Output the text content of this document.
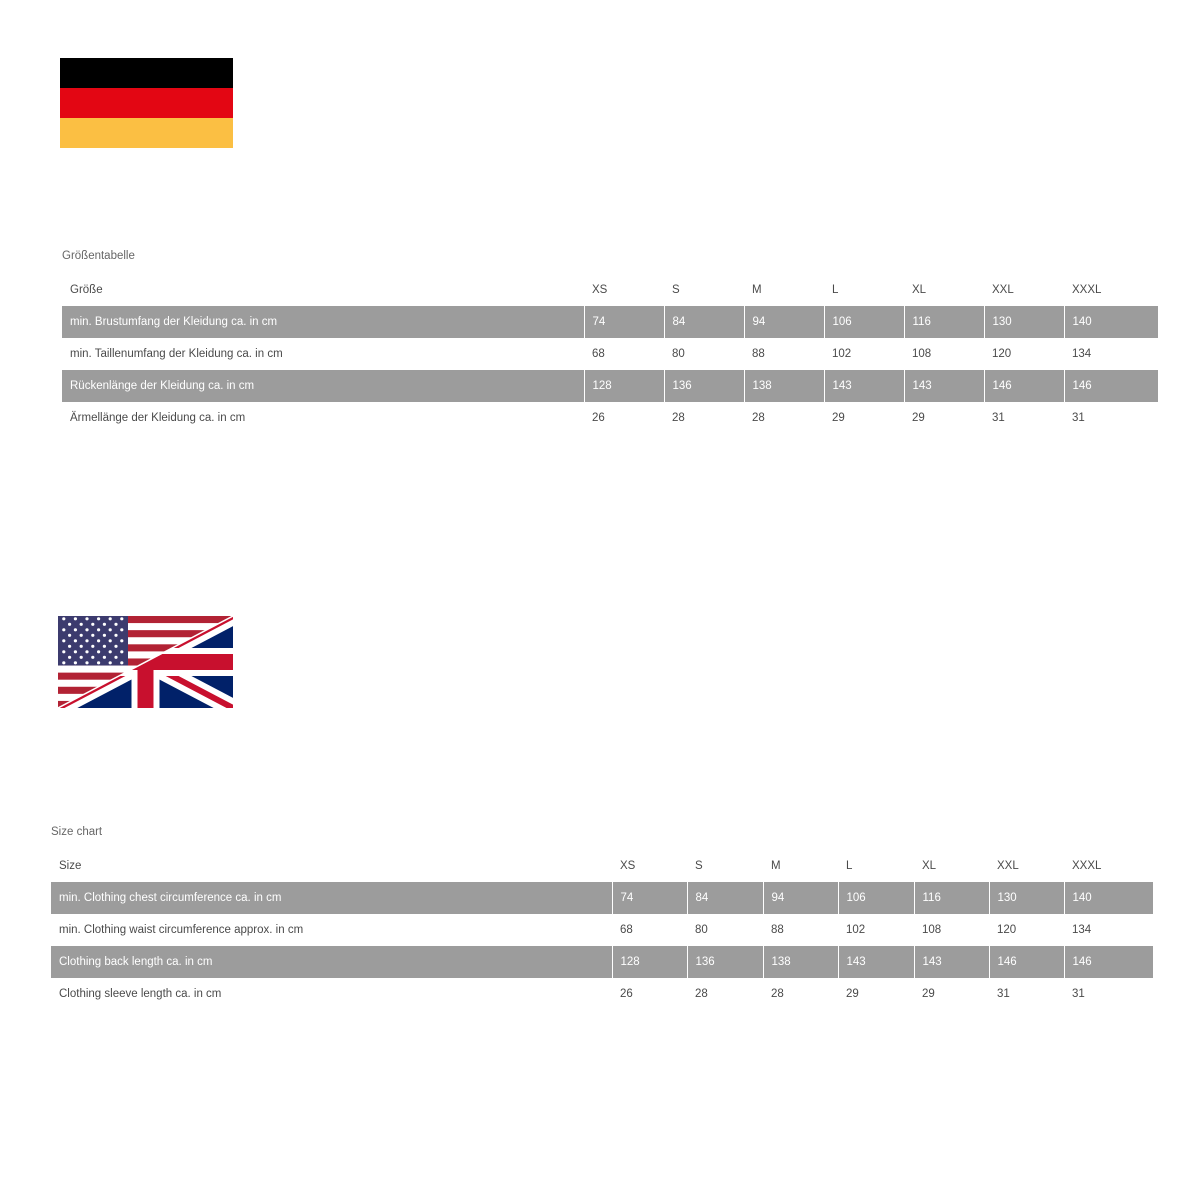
Größentabelle
Größe	XS	S	M	L	XL	XXL	XXXL
min. Brustumfang der Kleidung ca. in cm	74	84	94	106	116	130	140
min. Taillenumfang der Kleidung ca. in cm	68	80	88	102	108	120	134
Rückenlänge der Kleidung ca. in cm	128	136	138	143	143	146	146
Ärmellänge der Kleidung ca. in cm	26	28	28	29	29	31	31
Size chart
Size	XS	S	M	L	XL	XXL	XXXL
min. Clothing chest circumference ca. in cm	74	84	94	106	116	130	140
min. Clothing waist circumference approx. in cm	68	80	88	102	108	120	134
Clothing back length ca. in cm	128	136	138	143	143	146	146
Clothing sleeve length ca. in cm	26	28	28	29	29	31	31
